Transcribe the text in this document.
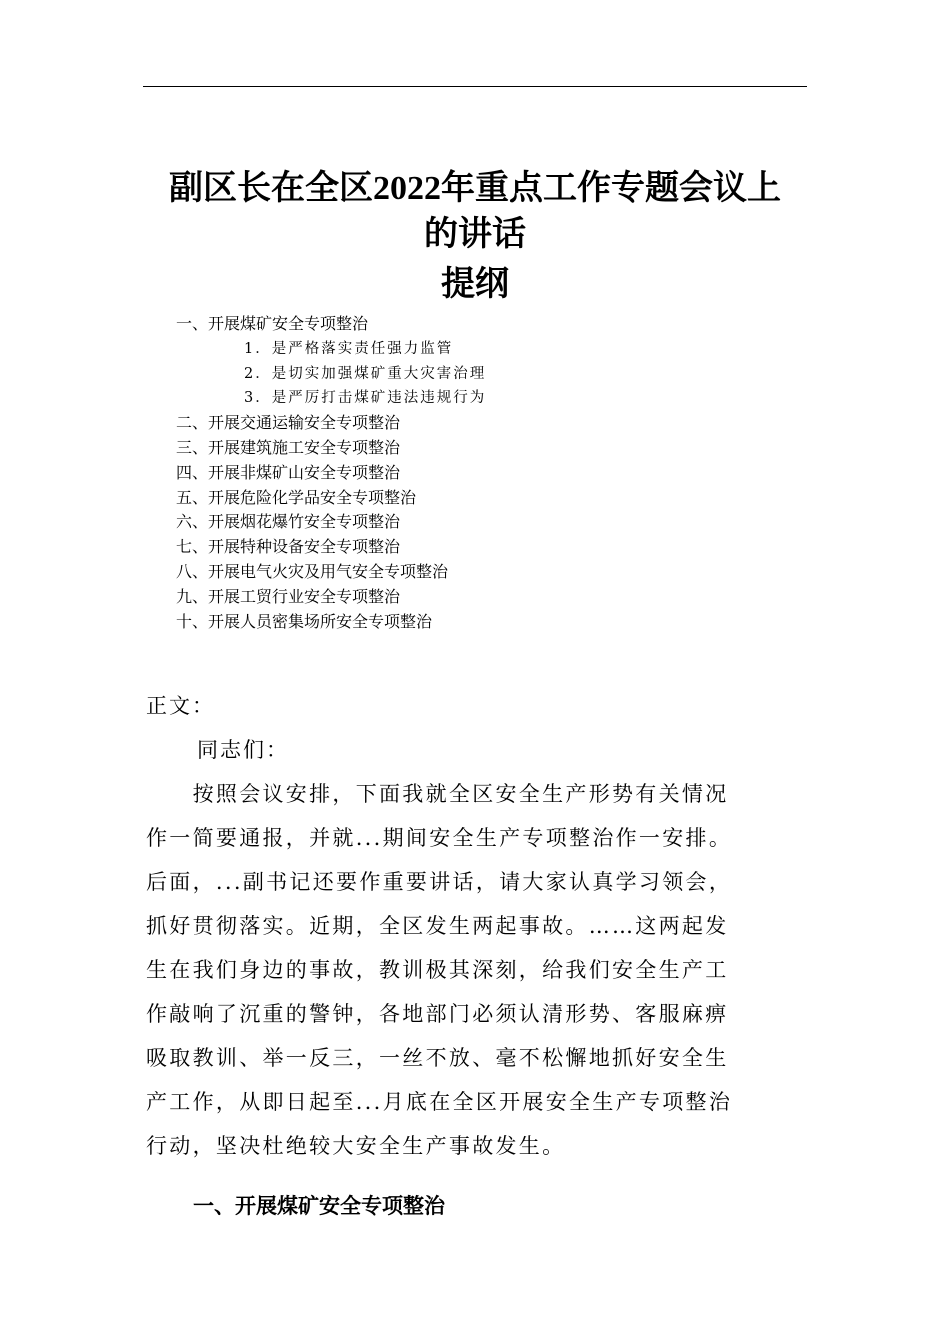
副区长在全区2022年重点工作专题会议上
的讲话
提纲
一、开展煤矿安全专项整治
1．是严格落实责任强力监管
2．是切实加强煤矿重大灾害治理
3．是严厉打击煤矿违法违规行为
二、开展交通运输安全专项整治
三、开展建筑施工安全专项整治
四、开展非煤矿山安全专项整治
五、开展危险化学品安全专项整治
六、开展烟花爆竹安全专项整治
七、开展特种设备安全专项整治
八、开展电气火灾及用气安全专项整治
九、开展工贸行业安全专项整治
十、开展人员密集场所安全专项整治
正文：
同志们：
　　按照会议安排，下面我就全区安全生产形势有关情况
作一简要通报，并就...期间安全生产专项整治作一安排。
后面，...副书记还要作重要讲话，请大家认真学习领会，
抓好贯彻落实。近期，全区发生两起事故。……这两起发
生在我们身边的事故，教训极其深刻，给我们安全生产工
作敲响了沉重的警钟，各地部门必须认清形势、客服麻痹
吸取教训、举一反三，一丝不放、毫不松懈地抓好安全生
产工作，从即日起至...月底在全区开展安全生产专项整治
行动，坚决杜绝较大安全生产事故发生。
一、开展煤矿安全专项整治
